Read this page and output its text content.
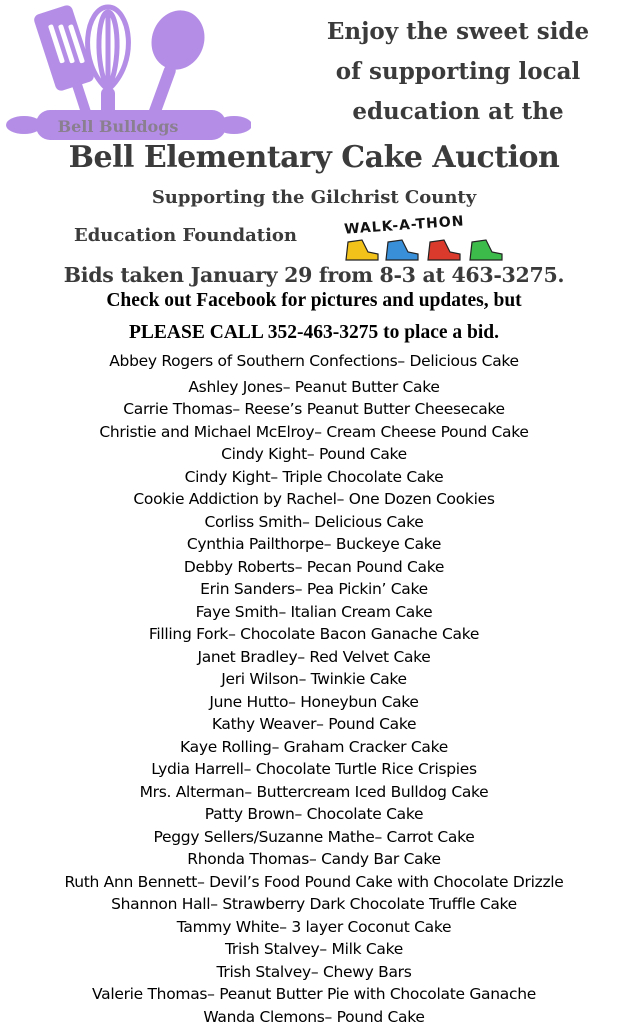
Bell Bulldogs
Enjoy the sweet side
of supporting local
education at the
Bell Elementary Cake Auction
Supporting the Gilchrist County
Education Foundation	WALK-A-THON
Bids taken January 29 from 8-3 at 463-3275.
Check out Facebook for pictures and updates, but
PLEASE CALL 352-463-3275 to place a bid.
Abbey Rogers of Southern Confections– Delicious Cake
Ashley Jones– Peanut Butter Cake
Carrie Thomas– Reese’s Peanut Butter Cheesecake
Christie and Michael McElroy– Cream Cheese Pound Cake
Cindy Kight– Pound Cake
Cindy Kight– Triple Chocolate Cake
Cookie Addiction by Rachel– One Dozen Cookies
Corliss Smith– Delicious Cake
Cynthia Pailthorpe– Buckeye Cake
Debby Roberts– Pecan Pound Cake
Erin Sanders– Pea Pickin’ Cake
Faye Smith– Italian Cream Cake
Filling Fork– Chocolate Bacon Ganache Cake
Janet Bradley– Red Velvet Cake
Jeri Wilson– Twinkie Cake
June Hutto– Honeybun Cake
Kathy Weaver– Pound Cake
Kaye Rolling– Graham Cracker Cake
Lydia Harrell– Chocolate Turtle Rice Crispies
Mrs. Alterman– Buttercream Iced Bulldog Cake
Patty Brown– Chocolate Cake
Peggy Sellers/Suzanne Mathe– Carrot Cake
Rhonda Thomas– Candy Bar Cake
Ruth Ann Bennett– Devil’s Food Pound Cake with Chocolate Drizzle
Shannon Hall– Strawberry Dark Chocolate Truffle Cake
Tammy White– 3 layer Coconut Cake
Trish Stalvey– Milk Cake
Trish Stalvey– Chewy Bars
Valerie Thomas– Peanut Butter Pie with Chocolate Ganache
Wanda Clemons– Pound Cake
